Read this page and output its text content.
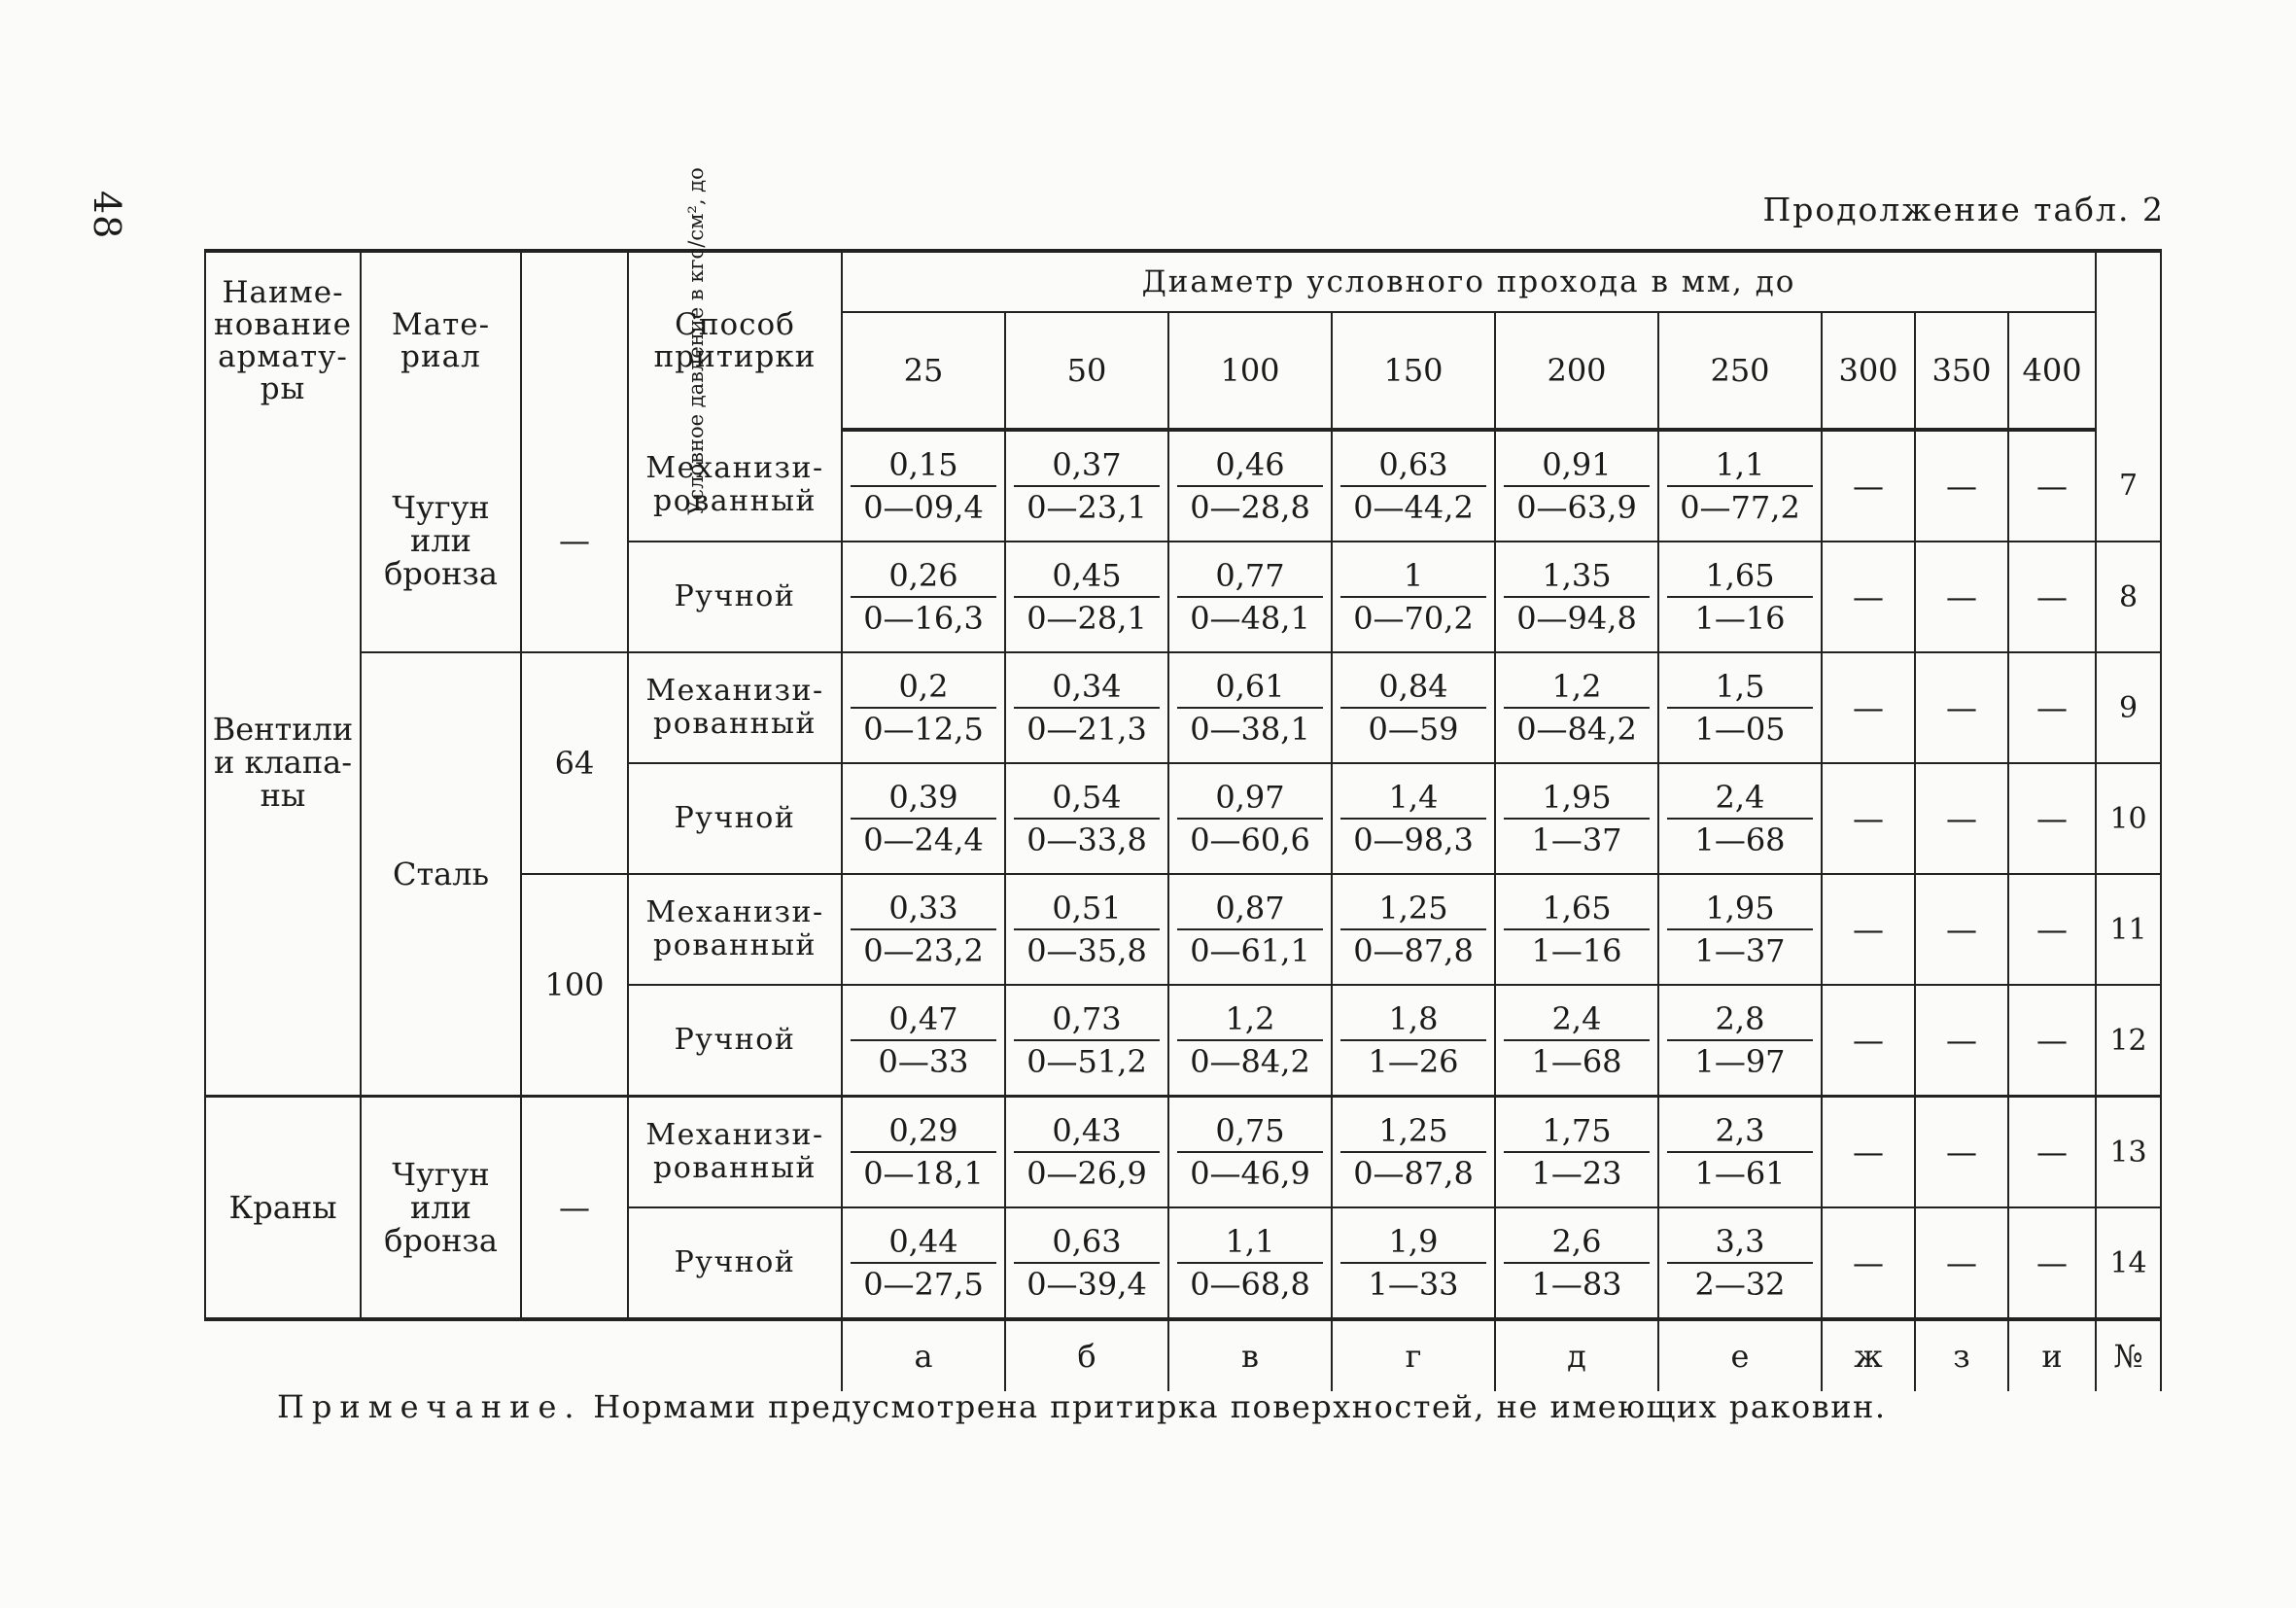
48	Продолжение табл. 2
Наиме-нование армату-ры	Мате-риал	Условное давление в кгс/см², до	Способ притирки	Диаметр условного прохода в мм, до									
				25	50	100	150	200	250	300	350	400	
Вентили и клапа-ны	Чугун или бронза	—	Механизи-рованный	$\frac{0,15}{0—09,4}$	$\frac{0,37}{0—23,1}$	$\frac{0,46}{0—28,8}$	$\frac{0,63}{0—44,2}$	$\frac{0,91}{0—63,9}$	$\frac{1,1}{0—77,2}$	—	—	—	7
			Ручной	$\frac{0,26}{0—16,3}$	$\frac{0,45}{0—28,1}$	$\frac{0,77}{0—48,1}$	$\frac{1}{0—70,2}$	$\frac{1,35}{0—94,8}$	$\frac{1,65}{1—16}$	—	—	—	8
	Сталь	64	Механизи-рованный	$\frac{0,2}{0—12,5}$	$\frac{0,34}{0—21,3}$	$\frac{0,61}{0—38,1}$	$\frac{0,84}{0—59}$	$\frac{1,2}{0—84,2}$	$\frac{1,5}{1—05}$	—	—	—	9
			Ручной	$\frac{0,39}{0—24,4}$	$\frac{0,54}{0—33,8}$	$\frac{0,97}{0—60,6}$	$\frac{1,4}{0—98,3}$	$\frac{1,95}{1—37}$	$\frac{2,4}{1—68}$	—	—	—	10
		100	Механизи-рованный	$\frac{0,33}{0—23,2}$	$\frac{0,51}{0—35,8}$	$\frac{0,87}{0—61,1}$	$\frac{1,25}{0—87,8}$	$\frac{1,65}{1—16}$	$\frac{1,95}{1—37}$	—	—	—	11
			Ручной	$\frac{0,47}{0—33}$	$\frac{0,73}{0—51,2}$	$\frac{1,2}{0—84,2}$	$\frac{1,8}{1—26}$	$\frac{2,4}{1—68}$	$\frac{2,8}{1—97}$	—	—	—	12
Краны	Чугун или бронза	—	Механизи-рованный	$\frac{0,29}{0—18,1}$	$\frac{0,43}{0—26,9}$	$\frac{0,75}{0—46,9}$	$\frac{1,25}{0—87,8}$	$\frac{1,75}{1—23}$	$\frac{2,3}{1—61}$	—	—	—	13
			Ручной	$\frac{0,44}{0—27,5}$	$\frac{0,63}{0—39,4}$	$\frac{1,1}{0—68,8}$	$\frac{1,9}{1—33}$	$\frac{2,6}{1—83}$	$\frac{3,3}{2—32}$	—	—	—	14
				а	б	в	г	д	е	ж	з	и	№
Примечание. Нормами предусмотрена притирка поверхностей, не имеющих раковин.
